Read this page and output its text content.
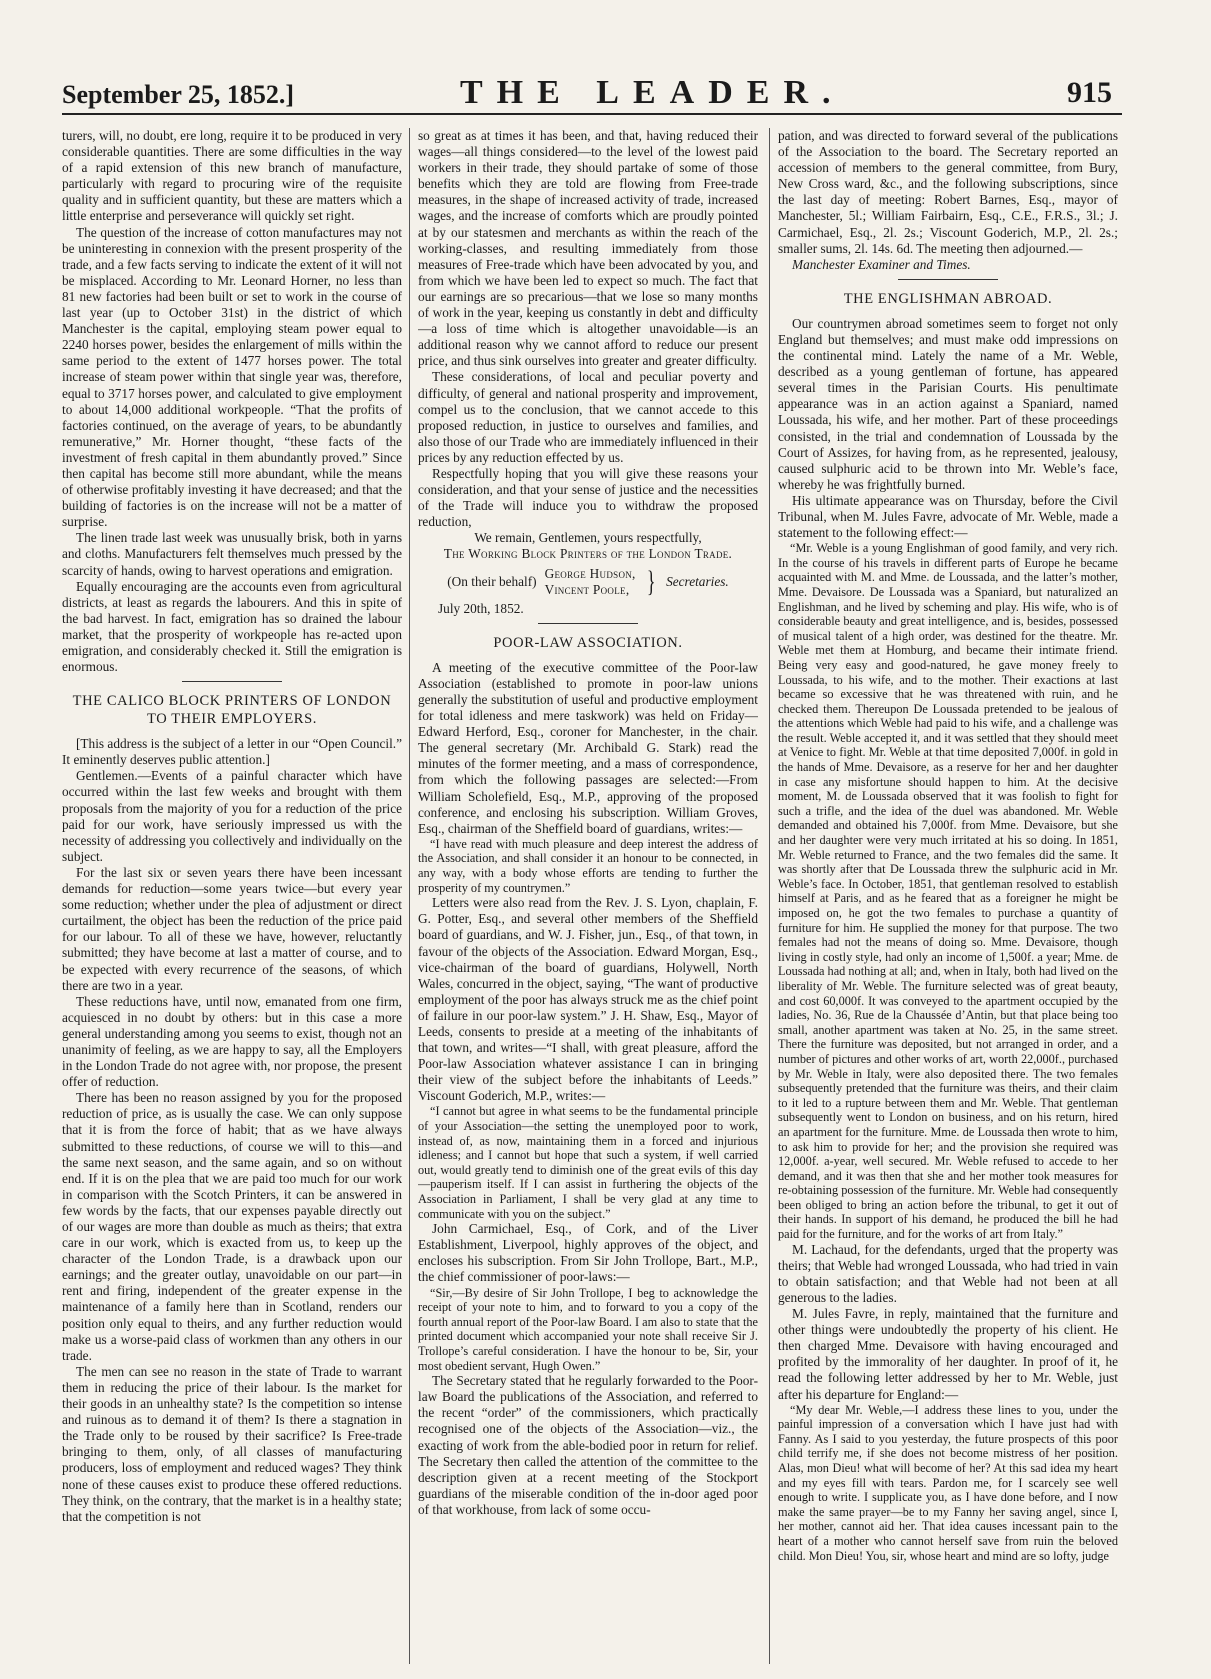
September 25, 1852.]	THE LEADER.	915

turers, will, no doubt, ere long, require it to be produced in very considerable quantities. There are some difficulties in the way of a rapid extension of this new branch of manufacture, particularly with regard to procuring wire of the requisite quality and in sufficient quantity, but these are matters which a little enterprise and perseverance will quickly set right.

The question of the increase of cotton manufactures may not be uninteresting in connexion with the present prosperity of the trade, and a few facts serving to indicate the extent of it will not be misplaced. According to Mr. Leonard Horner, no less than 81 new factories had been built or set to work in the course of last year (up to October 31st) in the district of which Manchester is the capital, employing steam power equal to 2240 horses power, besides the enlargement of mills within the same period to the extent of 1477 horses power. The total increase of steam power within that single year was, therefore, equal to 3717 horses power, and calculated to give employment to about 14,000 additional workpeople. “That the profits of factories continued, on the average of years, to be abundantly remunerative,” Mr. Horner thought, “these facts of the investment of fresh capital in them abundantly proved.” Since then capital has become still more abundant, while the means of otherwise profitably investing it have decreased; and that the building of factories is on the increase will not be a matter of surprise.

The linen trade last week was unusually brisk, both in yarns and cloths. Manufacturers felt themselves much pressed by the scarcity of hands, owing to harvest operations and emigration.

Equally encouraging are the accounts even from agricultural districts, at least as regards the labourers. And this in spite of the bad harvest. In fact, emigration has so drained the labour market, that the prosperity of workpeople has re-acted upon emigration, and considerably checked it. Still the emigration is enormous.

THE CALICO BLOCK PRINTERS OF LONDON TO THEIR EMPLOYERS.

[This address is the subject of a letter in our “Open Council.” It eminently deserves public attention.]

Gentlemen.—Events of a painful character which have occurred within the last few weeks and brought with them proposals from the majority of you for a reduction of the price paid for our work, have seriously impressed us with the necessity of addressing you collectively and individually on the subject.

For the last six or seven years there have been incessant demands for reduction—some years twice—but every year some reduction; whether under the plea of adjustment or direct curtailment, the object has been the reduction of the price paid for our labour. To all of these we have, however, reluctantly submitted; they have become at last a matter of course, and to be expected with every recurrence of the seasons, of which there are two in a year.

These reductions have, until now, emanated from one firm, acquiesced in no doubt by others: but in this case a more general understanding among you seems to exist, though not an unanimity of feeling, as we are happy to say, all the Employers in the London Trade do not agree with, nor propose, the present offer of reduction.

There has been no reason assigned by you for the proposed reduction of price, as is usually the case. We can only suppose that it is from the force of habit; that as we have always submitted to these reductions, of course we will to this—and the same next season, and the same again, and so on without end. If it is on the plea that we are paid too much for our work in comparison with the Scotch Printers, it can be answered in few words by the facts, that our expenses payable directly out of our wages are more than double as much as theirs; that extra care in our work, which is exacted from us, to keep up the character of the London Trade, is a drawback upon our earnings; and the greater outlay, unavoidable on our part—in rent and firing, independent of the greater expense in the maintenance of a family here than in Scotland, renders our position only equal to theirs, and any further reduction would make us a worse-paid class of workmen than any others in our trade.

The men can see no reason in the state of Trade to warrant them in reducing the price of their labour. Is the market for their goods in an unhealthy state? Is the competition so intense and ruinous as to demand it of them? Is there a stagnation in the Trade only to be roused by their sacrifice? Is Free-trade bringing to them, only, of all classes of manufacturing producers, loss of employment and reduced wages? They think none of these causes exist to produce these offered reductions. They think, on the contrary, that the market is in a healthy state; that the competition is not

so great as at times it has been, and that, having reduced their wages—all things considered—to the level of the lowest paid workers in their trade, they should partake of some of those benefits which they are told are flowing from Free-trade measures, in the shape of increased activity of trade, increased wages, and the increase of comforts which are proudly pointed at by our statesmen and merchants as within the reach of the working-classes, and resulting immediately from those measures of Free-trade which have been advocated by you, and from which we have been led to expect so much. The fact that our earnings are so precarious—that we lose so many months of work in the year, keeping us constantly in debt and difficulty—a loss of time which is altogether unavoidable—is an additional reason why we cannot afford to reduce our present price, and thus sink ourselves into greater and greater difficulty.

These considerations, of local and peculiar poverty and difficulty, of general and national prosperity and improvement, compel us to the conclusion, that we cannot accede to this proposed reduction, in justice to ourselves and families, and also those of our Trade who are immediately influenced in their prices by any reduction effected by us.

Respectfully hoping that you will give these reasons your consideration, and that your sense of justice and the necessities of the Trade will induce you to withdraw the proposed reduction,

We remain, Gentlemen, yours respectfully,

The Working Block Printers of the London Trade.

(On their behalf)
George Hudson,
Vincent Poole, } Secretaries.

July 20th, 1852.

POOR-LAW ASSOCIATION.

A meeting of the executive committee of the Poor-law Association (established to promote in poor-law unions generally the substitution of useful and productive employment for total idleness and mere taskwork) was held on Friday—Edward Herford, Esq., coroner for Manchester, in the chair. The general secretary (Mr. Archibald G. Stark) read the minutes of the former meeting, and a mass of correspondence, from which the following passages are selected:—From William Scholefield, Esq., M.P., approving of the proposed conference, and enclosing his subscription. William Groves, Esq., chairman of the Sheffield board of guardians, writes:—

“I have read with much pleasure and deep interest the address of the Association, and shall consider it an honour to be connected, in any way, with a body whose efforts are tending to further the prosperity of my countrymen.”

Letters were also read from the Rev. J. S. Lyon, chaplain, F. G. Potter, Esq., and several other members of the Sheffield board of guardians, and W. J. Fisher, jun., Esq., of that town, in favour of the objects of the Association. Edward Morgan, Esq., vice-chairman of the board of guardians, Holywell, North Wales, concurred in the object, saying, “The want of productive employment of the poor has always struck me as the chief point of failure in our poor-law system.” J. H. Shaw, Esq., Mayor of Leeds, consents to preside at a meeting of the inhabitants of that town, and writes—“I shall, with great pleasure, afford the Poor-law Association whatever assistance I can in bringing their view of the subject before the inhabitants of Leeds.” Viscount Goderich, M.P., writes:—

“I cannot but agree in what seems to be the fundamental principle of your Association—the setting the unemployed poor to work, instead of, as now, maintaining them in a forced and injurious idleness; and I cannot but hope that such a system, if well carried out, would greatly tend to diminish one of the great evils of this day—pauperism itself. If I can assist in furthering the objects of the Association in Parliament, I shall be very glad at any time to communicate with you on the subject.”

John Carmichael, Esq., of Cork, and of the Liver Establishment, Liverpool, highly approves of the object, and encloses his subscription. From Sir John Trollope, Bart., M.P., the chief commissioner of poor-laws:—

“Sir,—By desire of Sir John Trollope, I beg to acknowledge the receipt of your note to him, and to forward to you a copy of the fourth annual report of the Poor-law Board. I am also to state that the printed document which accompanied your note shall receive Sir J. Trollope’s careful consideration. I have the honour to be, Sir, your most obedient servant, Hugh Owen.”

The Secretary stated that he regularly forwarded to the Poor-law Board the publications of the Association, and referred to the recent “order” of the commissioners, which practically recognised one of the objects of the Association—viz., the exacting of work from the able-bodied poor in return for relief. The Secretary then called the attention of the committee to the description given at a recent meeting of the Stockport guardians of the miserable condition of the in-door aged poor of that workhouse, from lack of some occu-

pation, and was directed to forward several of the publications of the Association to the board. The Secretary reported an accession of members to the general committee, from Bury, New Cross ward, &c., and the following subscriptions, since the last day of meeting: Robert Barnes, Esq., mayor of Manchester, 5l.; William Fairbairn, Esq., C.E., F.R.S., 3l.; J. Carmichael, Esq., 2l. 2s.; Viscount Goderich, M.P., 2l. 2s.; smaller sums, 2l. 14s. 6d. The meeting then adjourned.—

Manchester Examiner and Times.

THE ENGLISHMAN ABROAD.

Our countrymen abroad sometimes seem to forget not only England but themselves; and must make odd impressions on the continental mind. Lately the name of a Mr. Weble, described as a young gentleman of fortune, has appeared several times in the Parisian Courts. His penultimate appearance was in an action against a Spaniard, named Loussada, his wife, and her mother. Part of these proceedings consisted, in the trial and condemnation of Loussada by the Court of Assizes, for having from, as he represented, jealousy, caused sulphuric acid to be thrown into Mr. Weble’s face, whereby he was frightfully burned.

His ultimate appearance was on Thursday, before the Civil Tribunal, when M. Jules Favre, advocate of Mr. Weble, made a statement to the following effect:—

“Mr. Weble is a young Englishman of good family, and very rich. In the course of his travels in different parts of Europe he became acquainted with M. and Mme. de Loussada, and the latter’s mother, Mme. Devaisore. De Loussada was a Spaniard, but naturalized an Englishman, and he lived by scheming and play. His wife, who is of considerable beauty and great intelligence, and is, besides, possessed of musical talent of a high order, was destined for the theatre. Mr. Weble met them at Homburg, and became their intimate friend. Being very easy and good-natured, he gave money freely to Loussada, to his wife, and to the mother. Their exactions at last became so excessive that he was threatened with ruin, and he checked them. Thereupon De Loussada pretended to be jealous of the attentions which Weble had paid to his wife, and a challenge was the result. Weble accepted it, and it was settled that they should meet at Venice to fight. Mr. Weble at that time deposited 7,000f. in gold in the hands of Mme. Devaisore, as a reserve for her and her daughter in case any misfortune should happen to him. At the decisive moment, M. de Loussada observed that it was foolish to fight for such a trifle, and the idea of the duel was abandoned. Mr. Weble demanded and obtained his 7,000f. from Mme. Devaisore, but she and her daughter were very much irritated at his so doing. In 1851, Mr. Weble returned to France, and the two females did the same. It was shortly after that De Loussada threw the sulphuric acid in Mr. Weble’s face. In October, 1851, that gentleman resolved to establish himself at Paris, and as he feared that as a foreigner he might be imposed on, he got the two females to purchase a quantity of furniture for him. He supplied the money for that purpose. The two females had not the means of doing so. Mme. Devaisore, though living in costly style, had only an income of 1,500f. a year; Mme. de Loussada had nothing at all; and, when in Italy, both had lived on the liberality of Mr. Weble. The furniture selected was of great beauty, and cost 60,000f. It was conveyed to the apartment occupied by the ladies, No. 36, Rue de la Chaussée d’Antin, but that place being too small, another apartment was taken at No. 25, in the same street. There the furniture was deposited, but not arranged in order, and a number of pictures and other works of art, worth 22,000f., purchased by Mr. Weble in Italy, were also deposited there. The two females subsequently pretended that the furniture was theirs, and their claim to it led to a rupture between them and Mr. Weble. That gentleman subsequently went to London on business, and on his return, hired an apartment for the furniture. Mme. de Loussada then wrote to him, to ask him to provide for her; and the provision she required was 12,000f. a-year, well secured. Mr. Weble refused to accede to her demand, and it was then that she and her mother took measures for re-obtaining possession of the furniture. Mr. Weble had consequently been obliged to bring an action before the tribunal, to get it out of their hands. In support of his demand, he produced the bill he had paid for the furniture, and for the works of art from Italy.”

M. Lachaud, for the defendants, urged that the property was theirs; that Weble had wronged Loussada, who had tried in vain to obtain satisfaction; and that Weble had not been at all generous to the ladies.

M. Jules Favre, in reply, maintained that the furniture and other things were undoubtedly the property of his client. He then charged Mme. Devaisore with having encouraged and profited by the immorality of her daughter. In proof of it, he read the following letter addressed by her to Mr. Weble, just after his departure for England:—

“My dear Mr. Weble,—I address these lines to you, under the painful impression of a conversation which I have just had with Fanny. As I said to you yesterday, the future prospects of this poor child terrify me, if she does not become mistress of her position. Alas, mon Dieu! what will become of her? At this sad idea my heart and my eyes fill with tears. Pardon me, for I scarcely see well enough to write. I supplicate you, as I have done before, and I now make the same prayer—be to my Fanny her saving angel, since I, her mother, cannot aid her. That idea causes incessant pain to the heart of a mother who cannot herself save from ruin the beloved child. Mon Dieu! You, sir, whose heart and mind are so lofty, judge
